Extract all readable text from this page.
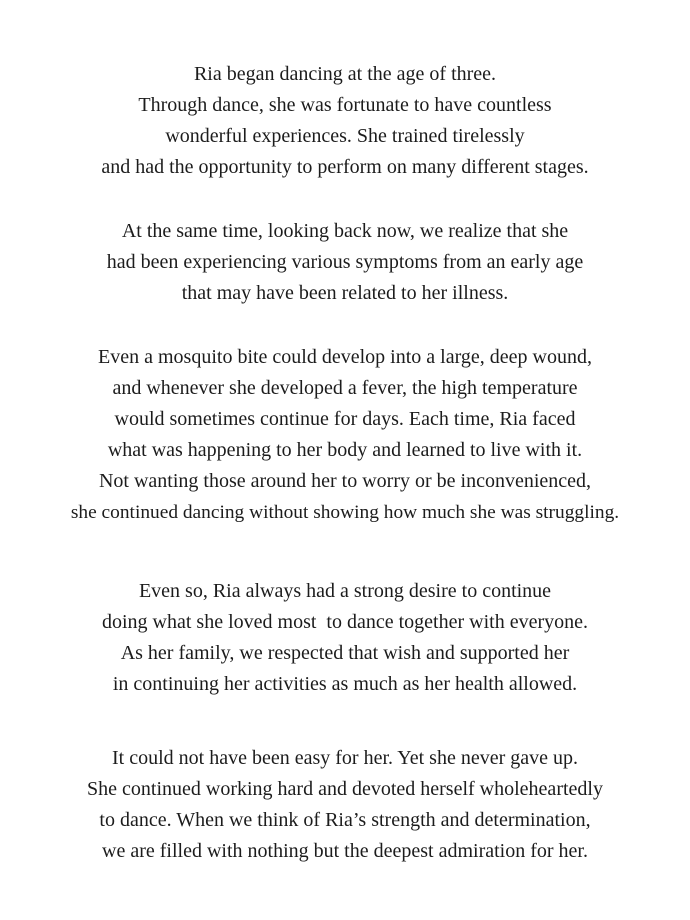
Ria began dancing at the age of three.
Through dance, she was fortunate to have countless
wonderful experiences. She trained tirelessly
and had the opportunity to perform on many different stages.
At the same time, looking back now, we realize that she
had been experiencing various symptoms from an early age
that may have been related to her illness.
Even a mosquito bite could develop into a large, deep wound,
and whenever she developed a fever, the high temperature
would sometimes continue for days. Each time, Ria faced
what was happening to her body and learned to live with it.
Not wanting those around her to worry or be inconvenienced,
she continued dancing without showing how much she was struggling.
Even so, Ria always had a strong desire to continue
doing what she loved most  to dance together with everyone.
As her family, we respected that wish and supported her
in continuing her activities as much as her health allowed.
It could not have been easy for her. Yet she never gave up.
She continued working hard and devoted herself wholeheartedly
to dance. When we think of Ria’s strength and determination,
we are filled with nothing but the deepest admiration for her.
